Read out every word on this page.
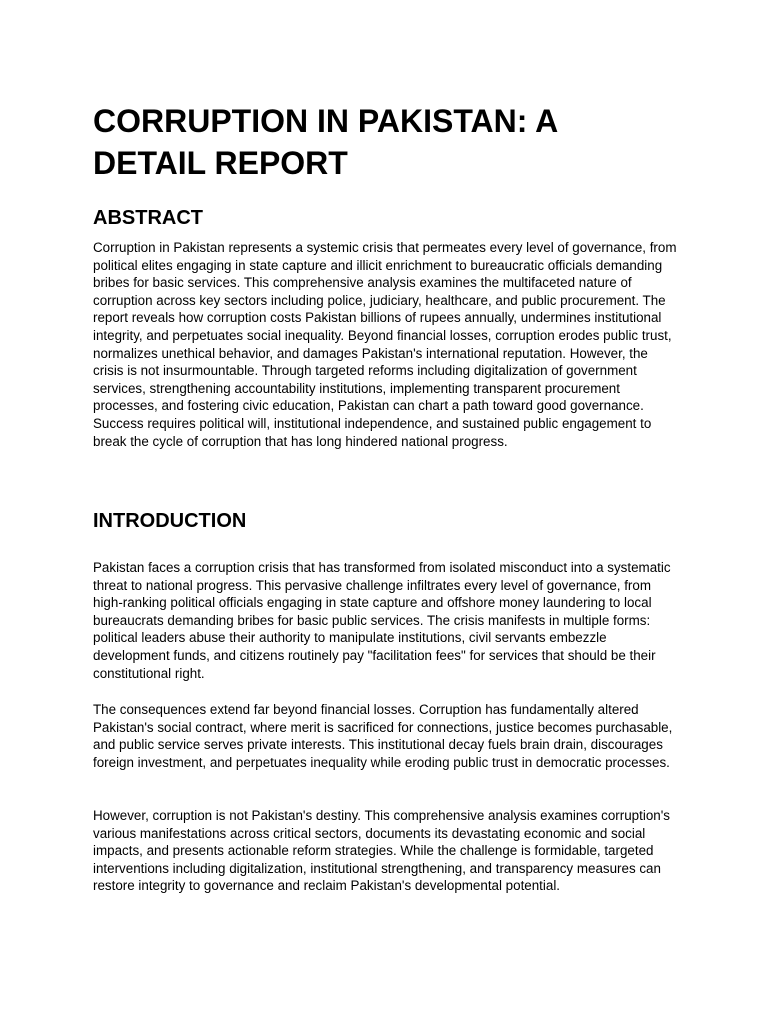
CORRUPTION IN PAKISTAN: A DETAIL REPORT
ABSTRACT

Corruption in Pakistan represents a systemic crisis that permeates every level of governance, from political elites engaging in state capture and illicit enrichment to bureaucratic officials demanding bribes for basic services. This comprehensive analysis examines the multifaceted nature of corruption across key sectors including police, judiciary, healthcare, and public procurement. The report reveals how corruption costs Pakistan billions of rupees annually, undermines institutional integrity, and perpetuates social inequality. Beyond financial losses, corruption erodes public trust, normalizes unethical behavior, and damages Pakistan's international reputation. However, the crisis is not insurmountable. Through targeted reforms including digitalization of government services, strengthening accountability institutions, implementing transparent procurement processes, and fostering civic education, Pakistan can chart a path toward good governance. Success requires political will, institutional independence, and sustained public engagement to break the cycle of corruption that has long hindered national progress.

INTRODUCTION

Pakistan faces a corruption crisis that has transformed from isolated misconduct into a systematic threat to national progress. This pervasive challenge infiltrates every level of governance, from high-ranking political officials engaging in state capture and offshore money laundering to local bureaucrats demanding bribes for basic public services. The crisis manifests in multiple forms: political leaders abuse their authority to manipulate institutions, civil servants embezzle development funds, and citizens routinely pay "facilitation fees" for services that should be their constitutional right.

The consequences extend far beyond financial losses. Corruption has fundamentally altered Pakistan's social contract, where merit is sacrificed for connections, justice becomes purchasable, and public service serves private interests. This institutional decay fuels brain drain, discourages foreign investment, and perpetuates inequality while eroding public trust in democratic processes.

However, corruption is not Pakistan's destiny. This comprehensive analysis examines corruption's various manifestations across critical sectors, documents its devastating economic and social impacts, and presents actionable reform strategies. While the challenge is formidable, targeted interventions including digitalization, institutional strengthening, and transparency measures can restore integrity to governance and reclaim Pakistan's developmental potential.
